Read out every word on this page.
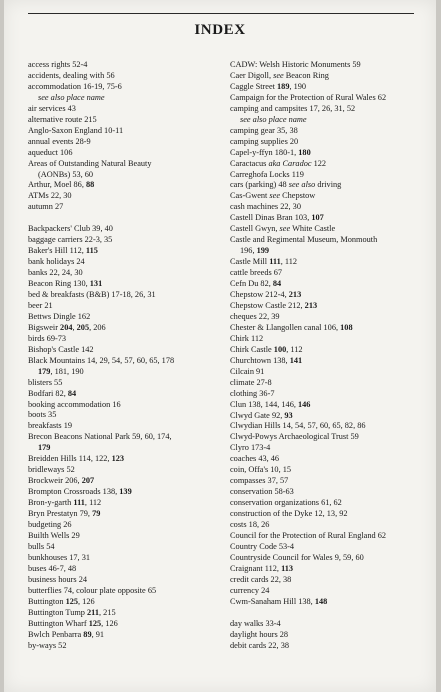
INDEX
access rights 52-4
accidents, dealing with 56
accommodation 16-19, 75-6
see also place name
air services 43
alternative route 215
Anglo-Saxon England 10-11
annual events 28-9
aqueduct 106
Areas of Outstanding Natural Beauty
(AONBs) 53, 60
Arthur, Moel 86, 88
ATMs 22, 30
autumn 27
Backpackers' Club 39, 40
baggage carriers 22-3, 35
Baker's Hill 112, 115
bank holidays 24
banks 22, 24, 30
Beacon Ring 130, 131
bed & breakfasts (B&B) 17-18, 26, 31
beer 21
Bettws Dingle 162
Bigsweir 204, 205, 206
birds 69-73
Bishop's Castle 142
Black Mountains 14, 29, 54, 57, 60, 65, 178
179, 181, 190
blisters 55
Bodfari 82, 84
booking accommodation 16
boots 35
breakfasts 19
Brecon Beacons National Park 59, 60, 174,
179
Breidden Hills 114, 122, 123
bridleways 52
Brockweir 206, 207
Brompton Crossroads 138, 139
Bron-y-garth 111, 112
Bryn Prestatyn 79, 79
budgeting 26
Builth Wells 29
bulls 54
bunkhouses 17, 31
buses 46-7, 48
business hours 24
butterflies 74, colour plate opposite 65
Buttington 125, 126
Buttington Tump 211, 215
Buttington Wharf 125, 126
Bwlch Penbarra 89, 91
by-ways 52
CADW: Welsh Historic Monuments 59
Caer Digoll, see Beacon Ring
Caggle Street 189, 190
Campaign for the Protection of Rural Wales 62
camping and campsites 17, 26, 31, 52
see also place name
camping gear 35, 38
camping supplies 20
Capel-y-ffyn 180-1, 180
Caractacus aka Caradoc 122
Carreghofa Locks 119
cars (parking) 48 see also driving
Cas-Gwent see Chepstow
cash machines 22, 30
Castell Dinas Bran 103, 107
Castell Gwyn, see White Castle
Castle and Regimental Museum, Monmouth
196, 199
Castle Mill 111, 112
cattle breeds 67
Cefn Du 82, 84
Chepstow 212-4, 213
Chepstow Castle 212, 213
cheques 22, 39
Chester & Llangollen canal 106, 108
Chirk 112
Chirk Castle 100, 112
Churchtown 138, 141
Cilcain 91
climate 27-8
clothing 36-7
Clun 138, 144, 146, 146
Clwyd Gate 92, 93
Clwydian Hills 14, 54, 57, 60, 65, 82, 86
Clwyd-Powys Archaeological Trust 59
Clyro 173-4
coaches 43, 46
coin, Offa's 10, 15
compasses 37, 57
conservation 58-63
conservation organizations 61, 62
construction of the Dyke 12, 13, 92
costs 18, 26
Council for the Protection of Rural England 62
Country Code 53-4
Countryside Council for Wales 9, 59, 60
Craignant 112, 113
credit cards 22, 38
currency 24
Cwm-Sanaham Hill 138, 148
day walks 33-4
daylight hours 28
debit cards 22, 38
